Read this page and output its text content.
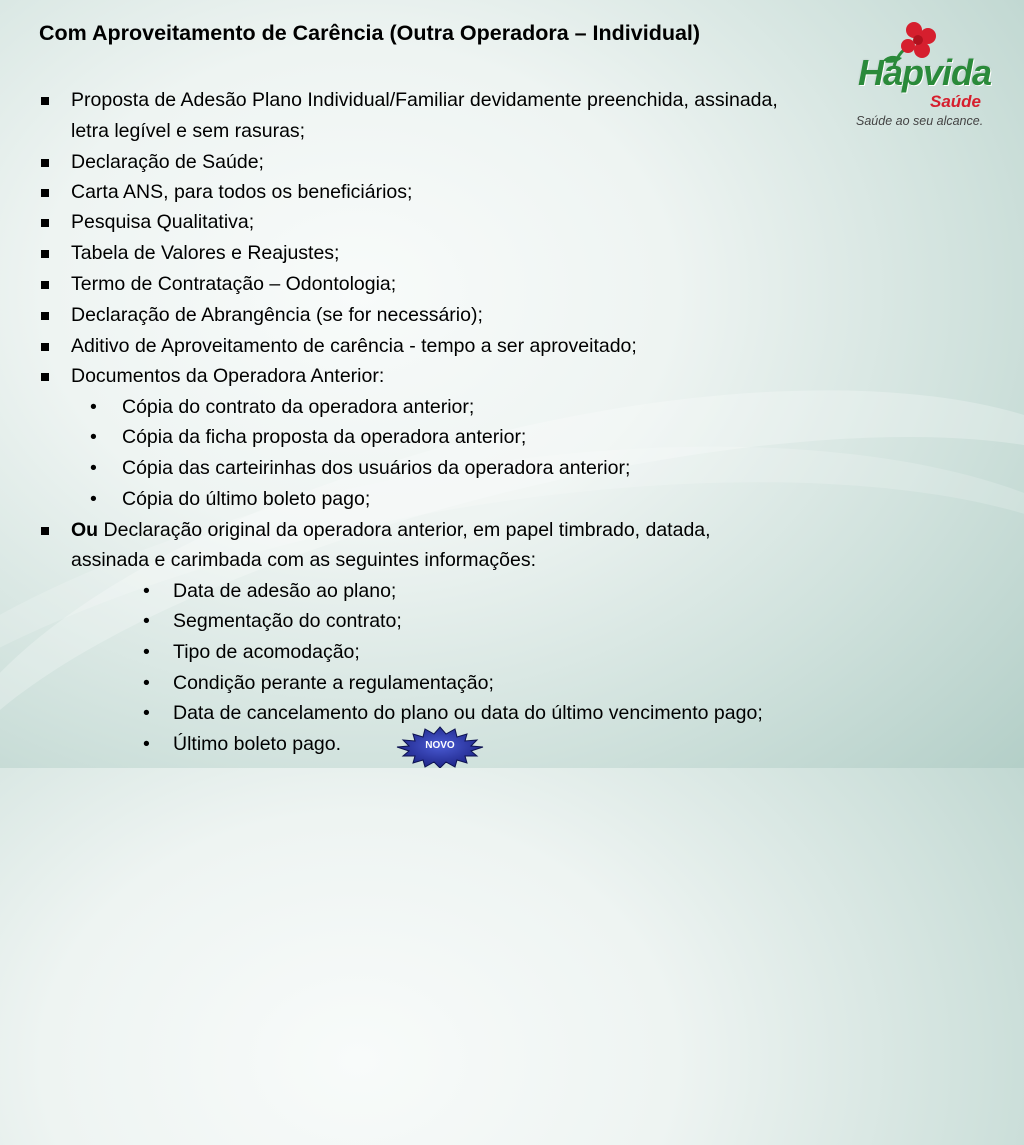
Com Aproveitamento de Carência (Outra Operadora – Individual)
Hapvida
Saúde
Saúde ao seu alcance.
Proposta de Adesão Plano Individual/Familiar devidamente preenchida, assinada,
letra legível e sem rasuras;
Declaração de Saúde;
Carta ANS, para todos os beneficiários;
Pesquisa Qualitativa;
Tabela de Valores e Reajustes;
Termo de Contratação – Odontologia;
Declaração de Abrangência (se for necessário);
Aditivo de Aproveitamento de carência - tempo a ser aproveitado;
Documentos da Operadora Anterior:
• Cópia do contrato da operadora anterior;
• Cópia da ficha proposta da operadora anterior;
• Cópia das carteirinhas dos usuários da operadora anterior;
• Cópia do último boleto pago;
Ou Declaração original da operadora anterior, em papel timbrado, datada,
assinada e carimbada com as seguintes informações:
• Data de adesão ao plano;
• Segmentação do contrato;
• Tipo de acomodação;
• Condição perante a regulamentação;
• Data de cancelamento do plano ou data do último vencimento pago;
• Último boleto pago.	NOVO
